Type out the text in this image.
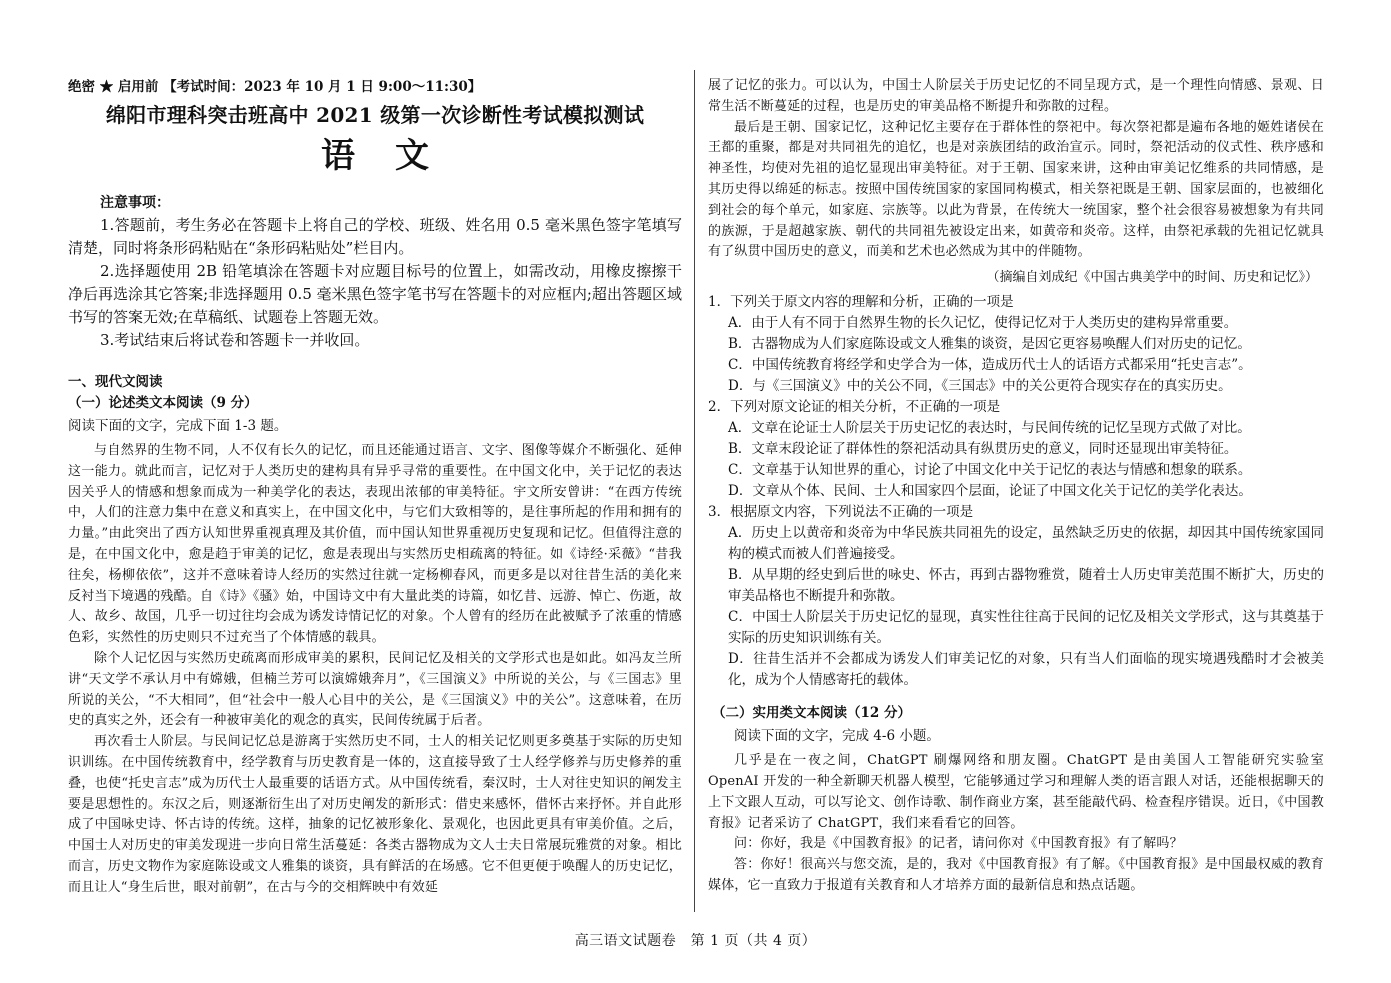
绝密 ★ 启用前 【考试时间：2023 年 10 月 1 日 9:00～11:30】
绵阳市理科突击班高中 2021 级第一次诊断性考试模拟测试
语文
注意事项：

1.答题前，考生务必在答题卡上将自己的学校、班级、姓名用 0.5 毫米黑色签字笔填写清楚，同时将条形码粘贴在“条形码粘贴处”栏目内。

2.选择题使用 2B 铅笔填涂在答题卡对应题目标号的位置上，如需改动，用橡皮擦擦干净后再选涂其它答案;非选择题用 0.5 毫米黑色签字笔书写在答题卡的对应框内;超出答题区域书写的答案无效;在草稿纸、试题卷上答题无效。

3.考试结束后将试卷和答题卡一并收回。

一、现代文阅读

（一）论述类文本阅读（9 分）

阅读下面的文字，完成下面 1-3 题。

与自然界的生物不同，人不仅有长久的记忆，而且还能通过语言、文字、图像等媒介不断强化、延伸这一能力。就此而言，记忆对于人类历史的建构具有异乎寻常的重要性。在中国文化中，关于记忆的表达因关乎人的情感和想象而成为一种美学化的表达，表现出浓郁的审美特征。宇文所安曾讲：“在西方传统中，人们的注意力集中在意义和真实上，在中国文化中，与它们大致相等的，是往事所起的作用和拥有的力量。”由此突出了西方认知世界重视真理及其价值，而中国认知世界重视历史复现和记忆。但值得注意的是，在中国文化中，愈是趋于审美的记忆，愈是表现出与实然历史相疏离的特征。如《诗经·采薇》“昔我往矣，杨柳依依”，这并不意味着诗人经历的实然过往就一定杨柳春风，而更多是以对往昔生活的美化来反衬当下境遇的残酷。自《诗》《骚》始，中国诗文中有大量此类的诗篇，如忆昔、远游、悼亡、伤逝，故人、故乡、故国，几乎一切过往均会成为诱发诗情记忆的对象。个人曾有的经历在此被赋予了浓重的情感色彩，实然性的历史则只不过充当了个体情感的载具。

除个人记忆因与实然历史疏离而形成审美的累积，民间记忆及相关的文学形式也是如此。如冯友兰所讲“天文学不承认月中有嫦娥，但楠兰芳可以演嫦娥奔月”，《三国演义》中所说的关公，与《三国志》里所说的关公，“不大相同”，但“社会中一般人心目中的关公，是《三国演义》中的关公”。这意味着，在历史的真实之外，还会有一种被审美化的观念的真实，民间传统属于后者。

再次看士人阶层。与民间记忆总是游离于实然历史不同，士人的相关记忆则更多奠基于实际的历史知识训练。在中国传统教育中，经学教育与历史教育是一体的，这直接导致了士人经学修养与历史修养的重叠，也使“托史言志”成为历代士人最重要的话语方式。从中国传统看，秦汉时，士人对往史知识的阐发主要是思想性的。东汉之后，则逐渐衍生出了对历史阐发的新形式：借史来感怀，借怀古来抒怀。并自此形成了中国咏史诗、怀古诗的传统。这样，抽象的记忆被形象化、景观化，也因此更具有审美价值。之后，中国士人对历史的审美发现进一步向日常生活蔓延：各类古器物成为文人士夫日常展玩雅赏的对象。相比而言，历史文物作为家庭陈设或文人雅集的谈资，具有鲜活的在场感。它不但更便于唤醒人的历史记忆，而且让人“身生后世，眼对前朝”，在古与今的交相辉映中有效延

展了记忆的张力。可以认为，中国士人阶层关于历史记忆的不同呈现方式，是一个理性向情感、景观、日常生活不断蔓延的过程，也是历史的审美品格不断提升和弥散的过程。

最后是王朝、国家记忆，这种记忆主要存在于群体性的祭祀中。每次祭祀都是遍布各地的姬姓诸侯在王都的重聚，都是对共同祖先的追忆，也是对亲族团结的政治宣示。同时，祭祀活动的仪式性、秩序感和神圣性，均使对先祖的追忆显现出审美特征。对于王朝、国家来讲，这种由审美记忆维系的共同情感，是其历史得以绵延的标志。按照中国传统国家的家国同构模式，相关祭祀既是王朝、国家层面的，也被细化到社会的每个单元，如家庭、宗族等。以此为背景，在传统大一统国家，整个社会很容易被想象为有共同的族源，于是超越家族、朝代的共同祖先被设定出来，如黄帝和炎帝。这样，由祭祀承载的先祖记忆就具有了纵贯中国历史的意义，而美和艺术也必然成为其中的伴随物。

（摘编自刘成纪《中国古典美学中的时间、历史和记忆》）

1．下列关于原文内容的理解和分析，正确的一项是

A．由于人有不同于自然界生物的长久记忆，使得记忆对于人类历史的建构异常重要。

B．古器物成为人们家庭陈设或文人雅集的谈资，是因它更容易唤醒人们对历史的记忆。

C．中国传统教育将经学和史学合为一体，造成历代士人的话语方式都采用“托史言志”。

D．与《三国演义》中的关公不同，《三国志》中的关公更符合现实存在的真实历史。

2．下列对原文论证的相关分析，不正确的一项是

A．文章在论证士人阶层关于历史记忆的表达时，与民间传统的记忆呈现方式做了对比。

B．文章末段论证了群体性的祭祀活动具有纵贯历史的意义，同时还显现出审美特征。

C．文章基于认知世界的重心，讨论了中国文化中关于记忆的表达与情感和想象的联系。

D．文章从个体、民间、士人和国家四个层面，论证了中国文化关于记忆的美学化表达。

3．根据原文内容，下列说法不正确的一项是

A．历史上以黄帝和炎帝为中华民族共同祖先的设定，虽然缺乏历史的依据，却因其中国传统家国同构的模式而被人们普遍接受。

B．从早期的经史到后世的咏史、怀古，再到古器物雅赏，随着士人历史审美范围不断扩大，历史的审美品格也不断提升和弥散。

C．中国士人阶层关于历史记忆的显现，真实性往往高于民间的记忆及相关文学形式，这与其奠基于实际的历史知识训练有关。

D．往昔生活并不会都成为诱发人们审美记忆的对象，只有当人们面临的现实境遇残酷时才会被美化，成为个人情感寄托的载体。

（二）实用类文本阅读（12 分）

阅读下面的文字，完成 4-6 小题。

几乎是在一夜之间，ChatGPT 刷爆网络和朋友圈。ChatGPT 是由美国人工智能研究实验室 OpenAI 开发的一种全新聊天机器人模型，它能够通过学习和理解人类的语言跟人对话，还能根据聊天的上下文跟人互动，可以写论文、创作诗歌、制作商业方案，甚至能敲代码、检查程序错误。近日，《中国教育报》记者采访了 ChatGPT，我们来看看它的回答。

问：你好，我是《中国教育报》的记者，请问你对《中国教育报》有了解吗？

答：你好！很高兴与您交流，是的，我对《中国教育报》有了解。《中国教育报》是中国最权威的教育媒体，它一直致力于报道有关教育和人才培养方面的最新信息和热点话题。

高三语文试题卷　第 1 页（共 4 页）
